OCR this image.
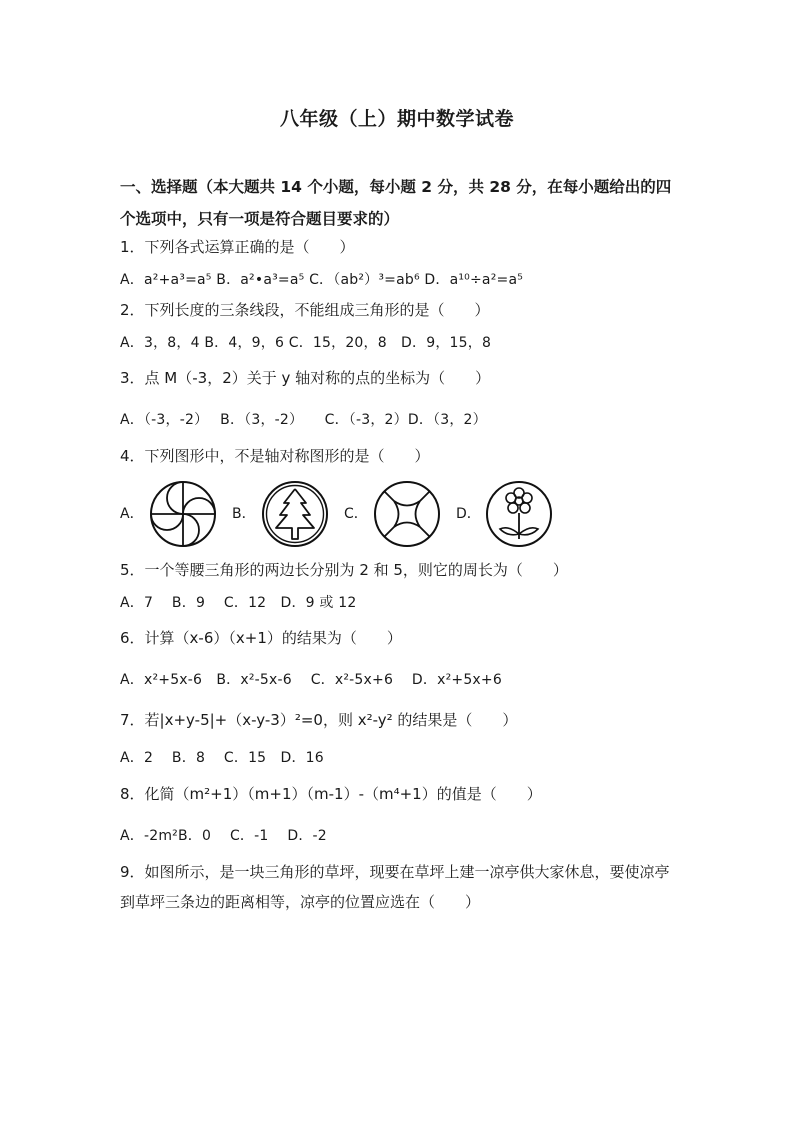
八年级（上）期中数学试卷
一、选择题（本大题共 14 个小题，每小题 2 分，共 28 分，在每小题给出的四
个选项中，只有一项是符合题目要求的）
1．下列各式运算正确的是（　　）
A．a²+a³=a⁵ B．a²•a³=a⁵ C．（ab²）³=ab⁶ D．a¹⁰÷a²=a⁵
2．下列长度的三条线段，不能组成三角形的是（　　）
A．3，8，4 B．4，9，6 C．15，20，8　D．9，15，8
3．点 M（-3，2）关于 y 轴对称的点的坐标为（　　）
A．（-3，-2）　 B．（3，-2）　　C．（-3，2）D．（3，2）
4．下列图形中，不是轴对称图形的是（　　）
A．	B．	C．	D．
5．一个等腰三角形的两边长分别为 2 和 5，则它的周长为（　　）
A．7　 B．9　 C．12　D．9 或 12
6．计算（x-6）（x+1）的结果为（　　）
A．x²+5x-6　B．x²-5x-6　 C．x²-5x+6　 D．x²+5x+6
7．若|x+y-5|+（x-y-3）²=0，则 x²-y² 的结果是（　　）
A．2　 B．8　 C．15　D．16
8．化简（m²+1）（m+1）（m-1）-（m⁴+1）的值是（　　）
A．-2m²B．0　 C．-1　 D．-2
9．如图所示，是一块三角形的草坪，现要在草坪上建一凉亭供大家休息，要使凉亭到草坪三条边的距离相等，凉亭的位置应选在（　　）
